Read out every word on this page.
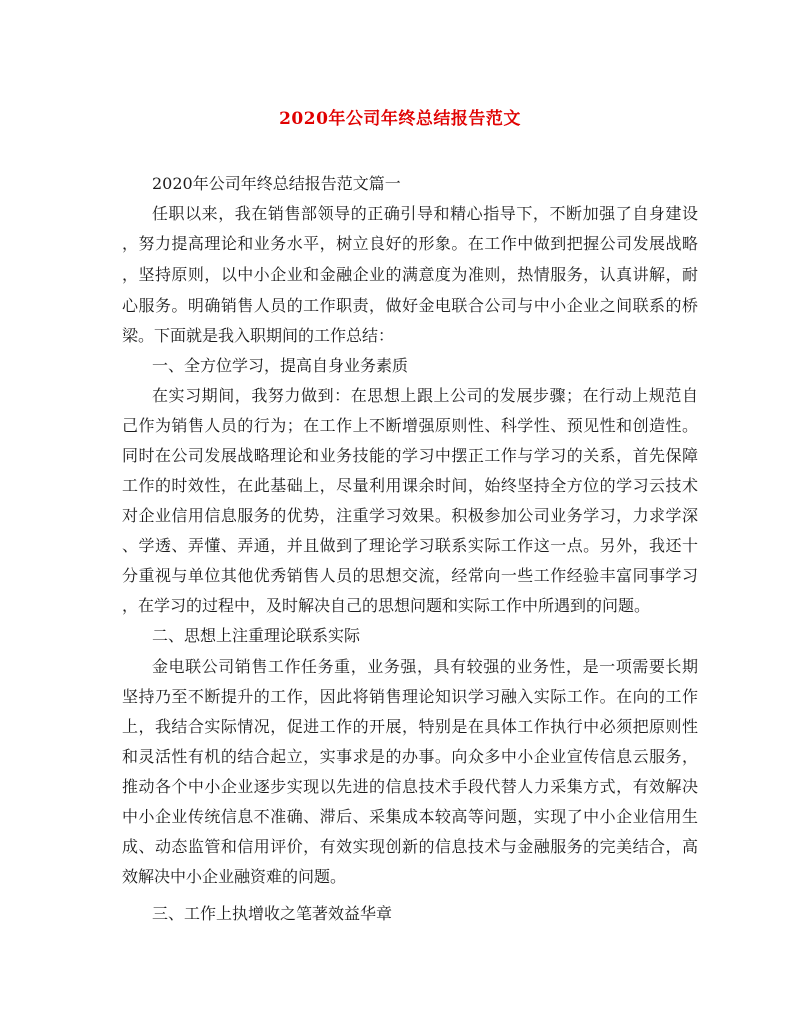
2020年公司年终总结报告范文
2020年公司年终总结报告范文篇一
任职以来，我在销售部领导的正确引导和精心指导下，不断加强了自身建设
，努力提高理论和业务水平，树立良好的形象。在工作中做到把握公司发展战略
，坚持原则，以中小企业和金融企业的满意度为准则，热情服务，认真讲解，耐
心服务。明确销售人员的工作职责，做好金电联合公司与中小企业之间联系的桥
梁。下面就是我入职期间的工作总结：
一、全方位学习，提高自身业务素质
在实习期间，我努力做到：在思想上跟上公司的发展步骤；在行动上规范自
己作为销售人员的行为；在工作上不断增强原则性、科学性、预见性和创造性。
同时在公司发展战略理论和业务技能的学习中摆正工作与学习的关系，首先保障
工作的时效性，在此基础上，尽量利用课余时间，始终坚持全方位的学习云技术
对企业信用信息服务的优势，注重学习效果。积极参加公司业务学习，力求学深
、学透、弄懂、弄通，并且做到了理论学习联系实际工作这一点。另外，我还十
分重视与单位其他优秀销售人员的思想交流，经常向一些工作经验丰富同事学习
，在学习的过程中，及时解决自己的思想问题和实际工作中所遇到的问题。
二、思想上注重理论联系实际
金电联公司销售工作任务重，业务强，具有较强的业务性，是一项需要长期
坚持乃至不断提升的工作，因此将销售理论知识学习融入实际工作。在向的工作
上，我结合实际情况，促进工作的开展，特别是在具体工作执行中必须把原则性
和灵活性有机的结合起立，实事求是的办事。向众多中小企业宣传信息云服务，
推动各个中小企业逐步实现以先进的信息技术手段代替人力采集方式，有效解决
中小企业传统信息不准确、滞后、采集成本较高等问题，实现了中小企业信用生
成、动态监管和信用评价，有效实现创新的信息技术与金融服务的完美结合，高
效解决中小企业融资难的问题。
三、工作上执增收之笔著效益华章
